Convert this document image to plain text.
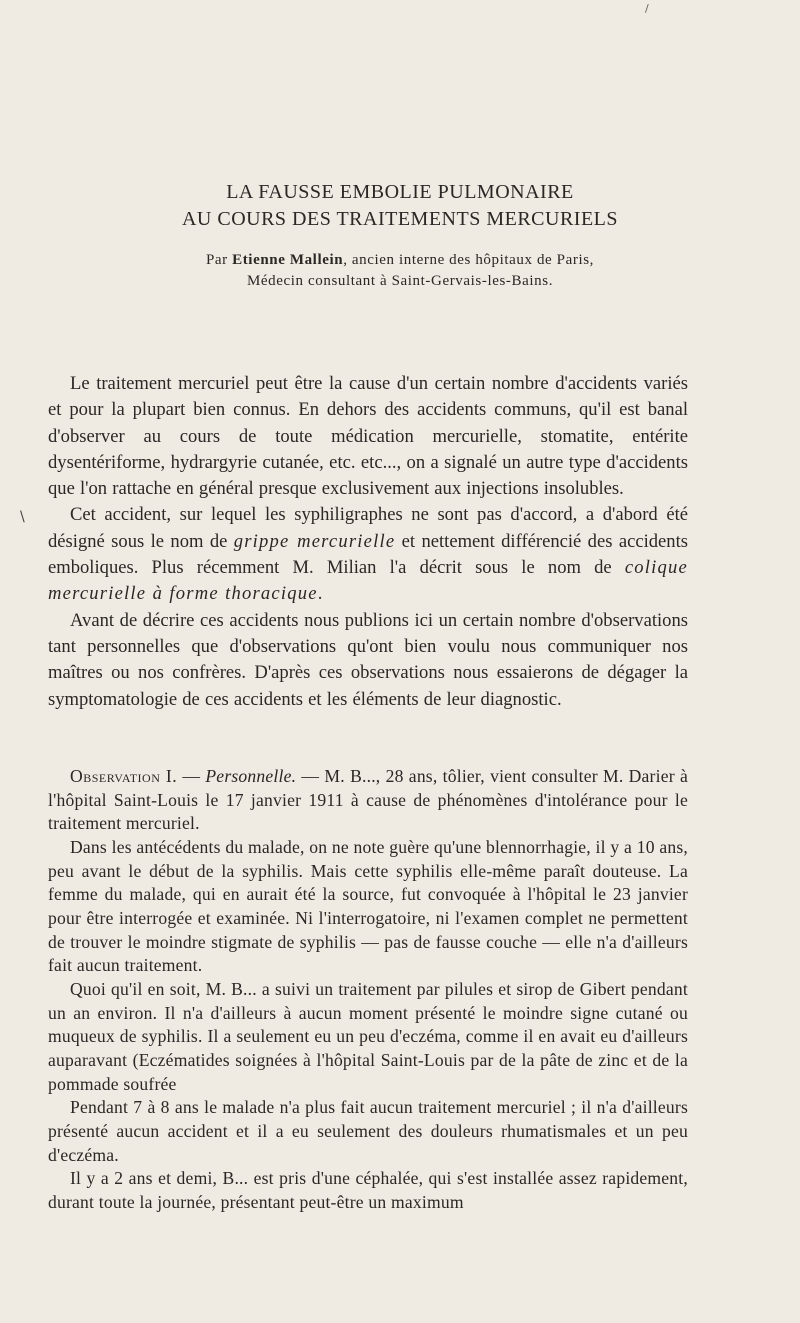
/
LA FAUSSE EMBOLIE PULMONAIRE
AU COURS DES TRAITEMENTS MERCURIELS
Par Etienne Mallein, ancien interne des hôpitaux de Paris,
Médecin consultant à Saint-Gervais-les-Bains.
\

Le traitement mercuriel peut être la cause d'un certain nombre d'accidents variés et pour la plupart bien connus. En dehors des accidents communs, qu'il est banal d'observer au cours de toute médication mercurielle, stomatite, entérite dysentériforme, hydrargyrie cutanée, etc. etc..., on a signalé un autre type d'accidents que l'on rattache en général presque exclusivement aux injections insolubles.

Cet accident, sur lequel les syphiligraphes ne sont pas d'accord, a d'abord été désigné sous le nom de grippe mercurielle et nettement différencié des accidents emboliques. Plus récemment M. Milian l'a décrit sous le nom de colique mercurielle à forme thoracique.

Avant de décrire ces accidents nous publions ici un certain nombre d'observations tant personnelles que d'observations qu'ont bien voulu nous communiquer nos maîtres ou nos confrères. D'après ces observations nous essaierons de dégager la symptomatologie de ces accidents et les éléments de leur diagnostic.

Observation I. — Personnelle. — M. B..., 28 ans, tôlier, vient consulter M. Darier à l'hôpital Saint-Louis le 17 janvier 1911 à cause de phénomènes d'intolérance pour le traitement mercuriel.

Dans les antécédents du malade, on ne note guère qu'une blennorrhagie, il y a 10 ans, peu avant le début de la syphilis. Mais cette syphilis elle-même paraît douteuse. La femme du malade, qui en aurait été la source, fut convoquée à l'hôpital le 23 janvier pour être interrogée et examinée. Ni l'interrogatoire, ni l'examen complet ne permettent de trouver le moindre stigmate de syphilis — pas de fausse couche — elle n'a d'ailleurs fait aucun traitement.

Quoi qu'il en soit, M. B... a suivi un traitement par pilules et sirop de Gibert pendant un an environ. Il n'a d'ailleurs à aucun moment présenté le moindre signe cutané ou muqueux de syphilis. Il a seulement eu un peu d'eczéma, comme il en avait eu d'ailleurs auparavant (Eczématides soignées à l'hôpital Saint-Louis par de la pâte de zinc et de la pommade soufrée

Pendant 7 à 8 ans le malade n'a plus fait aucun traitement mercuriel ; il n'a d'ailleurs présenté aucun accident et il a eu seulement des douleurs rhumatismales et un peu d'eczéma.

Il y a 2 ans et demi, B... est pris d'une céphalée, qui s'est installée assez rapidement, durant toute la journée, présentant peut-être un maximum
